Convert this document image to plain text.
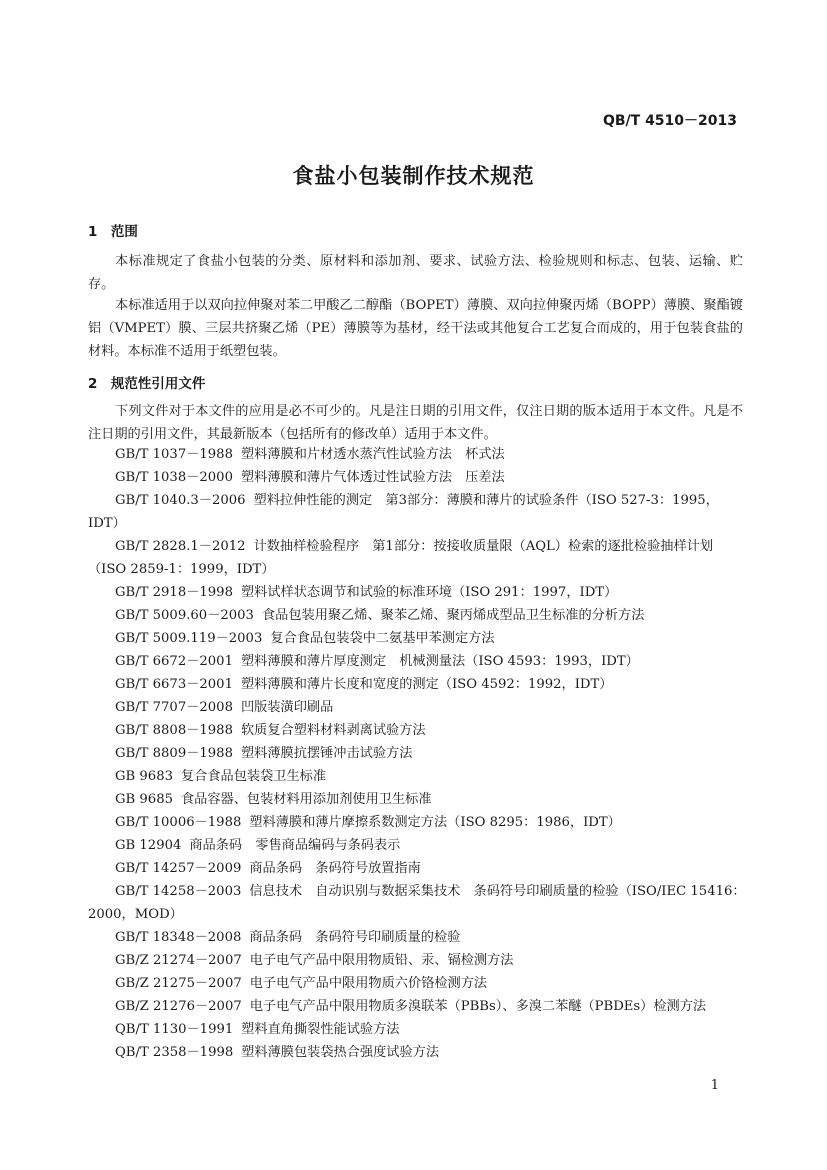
QB/T 4510－2013
食盐小包装制作技术规范
1　范围
本标准规定了食盐小包装的分类、原材料和添加剂、要求、试验方法、检验规则和标志、包装、运输、贮存。
本标准适用于以双向拉伸聚对苯二甲酸乙二醇酯（BOPET）薄膜、双向拉伸聚丙烯（BOPP）薄膜、聚酯镀铝（VMPET）膜、三层共挤聚乙烯（PE）薄膜等为基材，经干法或其他复合工艺复合而成的，用于包装食盐的材料。本标准不适用于纸塑包装。
2　规范性引用文件
下列文件对于本文件的应用是必不可少的。凡是注日期的引用文件，仅注日期的版本适用于本文件。凡是不注日期的引用文件，其最新版本（包括所有的修改单）适用于本文件。
GB/T 1037－1988 塑料薄膜和片材透水蒸汽性试验方法　杯式法
GB/T 1038－2000 塑料薄膜和薄片气体透过性试验方法　压差法
GB/T 1040.3－2006 塑料拉伸性能的测定　第3部分：薄膜和薄片的试验条件（ISO 527-3：1995，IDT）
GB/T 2828.1－2012 计数抽样检验程序　第1部分：按接收质量限（AQL）检索的逐批检验抽样计划（ISO 2859-1：1999，IDT）
GB/T 2918－1998 塑料试样状态调节和试验的标准环境（ISO 291：1997，IDT）
GB/T 5009.60－2003 食品包装用聚乙烯、聚苯乙烯、聚丙烯成型品卫生标准的分析方法
GB/T 5009.119－2003 复合食品包装袋中二氨基甲苯测定方法
GB/T 6672－2001 塑料薄膜和薄片厚度测定　机械测量法（ISO 4593：1993，IDT）
GB/T 6673－2001 塑料薄膜和薄片长度和宽度的测定（ISO 4592：1992，IDT）
GB/T 7707－2008 凹版装潢印刷品
GB/T 8808－1988 软质复合塑料材料剥离试验方法
GB/T 8809－1988 塑料薄膜抗摆锤冲击试验方法
GB 9683 复合食品包装袋卫生标准
GB 9685 食品容器、包装材料用添加剂使用卫生标准
GB/T 10006－1988 塑料薄膜和薄片摩擦系数测定方法（ISO 8295：1986，IDT）
GB 12904 商品条码　零售商品编码与条码表示
GB/T 14257－2009 商品条码　条码符号放置指南
GB/T 14258－2003 信息技术　自动识别与数据采集技术　条码符号印刷质量的检验（ISO/IEC 15416：2000，MOD）
GB/T 18348－2008 商品条码　条码符号印刷质量的检验
GB/Z 21274－2007 电子电气产品中限用物质铅、汞、镉检测方法
GB/Z 21275－2007 电子电气产品中限用物质六价铬检测方法
GB/Z 21276－2007 电子电气产品中限用物质多溴联苯（PBBs）、多溴二苯醚（PBDEs）检测方法
QB/T 1130－1991 塑料直角撕裂性能试验方法
QB/T 2358－1998 塑料薄膜包装袋热合强度试验方法
1
